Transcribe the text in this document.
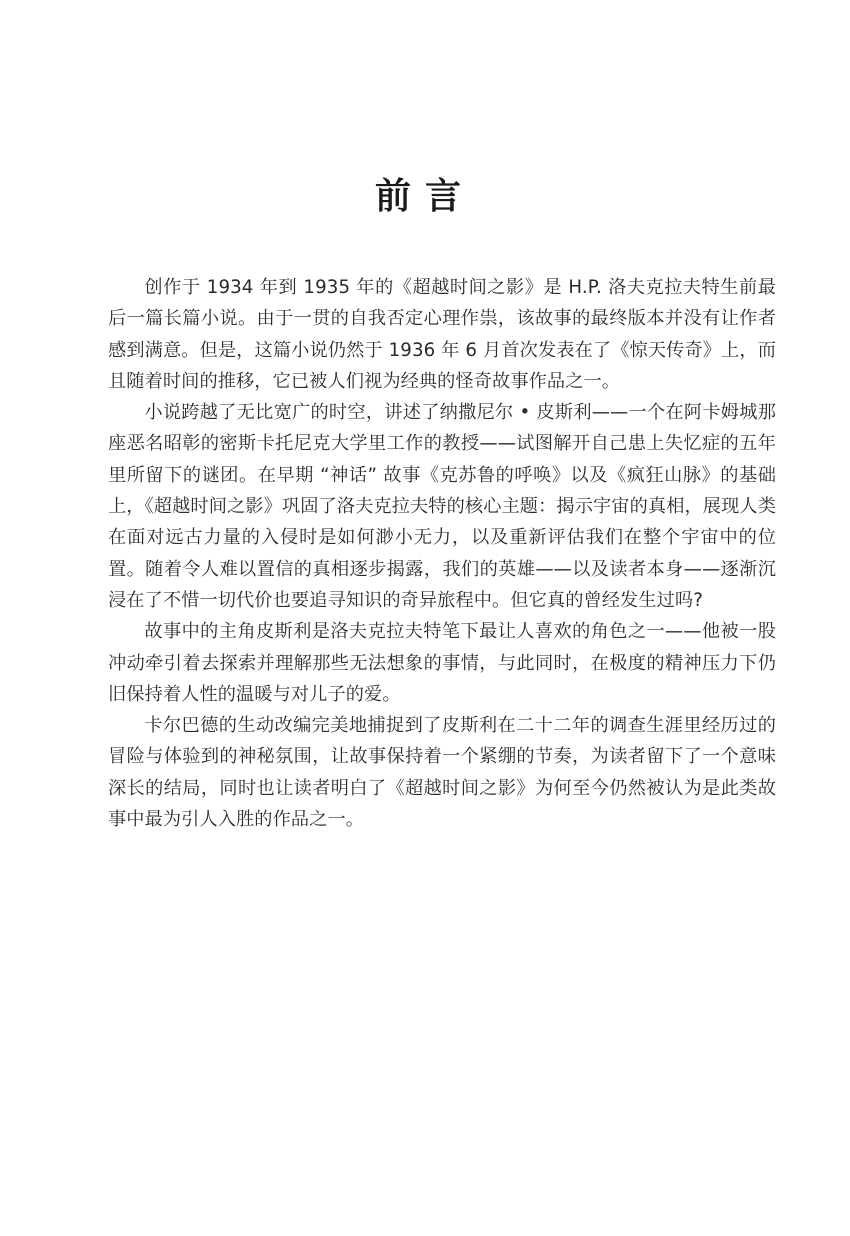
前言

创作于 1934 年到 1935 年的《超越时间之影》是 H.P. 洛夫克拉夫特生前最后一篇长篇小说。由于一贯的自我否定心理作祟，该故事的最终版本并没有让作者感到满意。但是，这篇小说仍然于 1936 年 6 月首次发表在了《惊天传奇》上，而且随着时间的推移，它已被人们视为经典的怪奇故事作品之一。

小说跨越了无比宽广的时空，讲述了纳撒尼尔 • 皮斯利——一个在阿卡姆城那座恶名昭彰的密斯卡托尼克大学里工作的教授——试图解开自己患上失忆症的五年里所留下的谜团。在早期 “神话” 故事《克苏鲁的呼唤》以及《疯狂山脉》的基础上，《超越时间之影》巩固了洛夫克拉夫特的核心主题：揭示宇宙的真相，展现人类在面对远古力量的入侵时是如何渺小无力，以及重新评估我们在整个宇宙中的位置。随着令人难以置信的真相逐步揭露，我们的英雄——以及读者本身——逐渐沉浸在了不惜一切代价也要追寻知识的奇异旅程中。但它真的曾经发生过吗?

故事中的主角皮斯利是洛夫克拉夫特笔下最让人喜欢的角色之一——他被一股冲动牵引着去探索并理解那些无法想象的事情，与此同时，在极度的精神压力下仍旧保持着人性的温暖与对儿子的爱。

卡尔巴德的生动改编完美地捕捉到了皮斯利在二十二年的调查生涯里经历过的冒险与体验到的神秘氛围，让故事保持着一个紧绷的节奏，为读者留下了一个意味深长的结局，同时也让读者明白了《超越时间之影》为何至今仍然被认为是此类故事中最为引人入胜的作品之一。
